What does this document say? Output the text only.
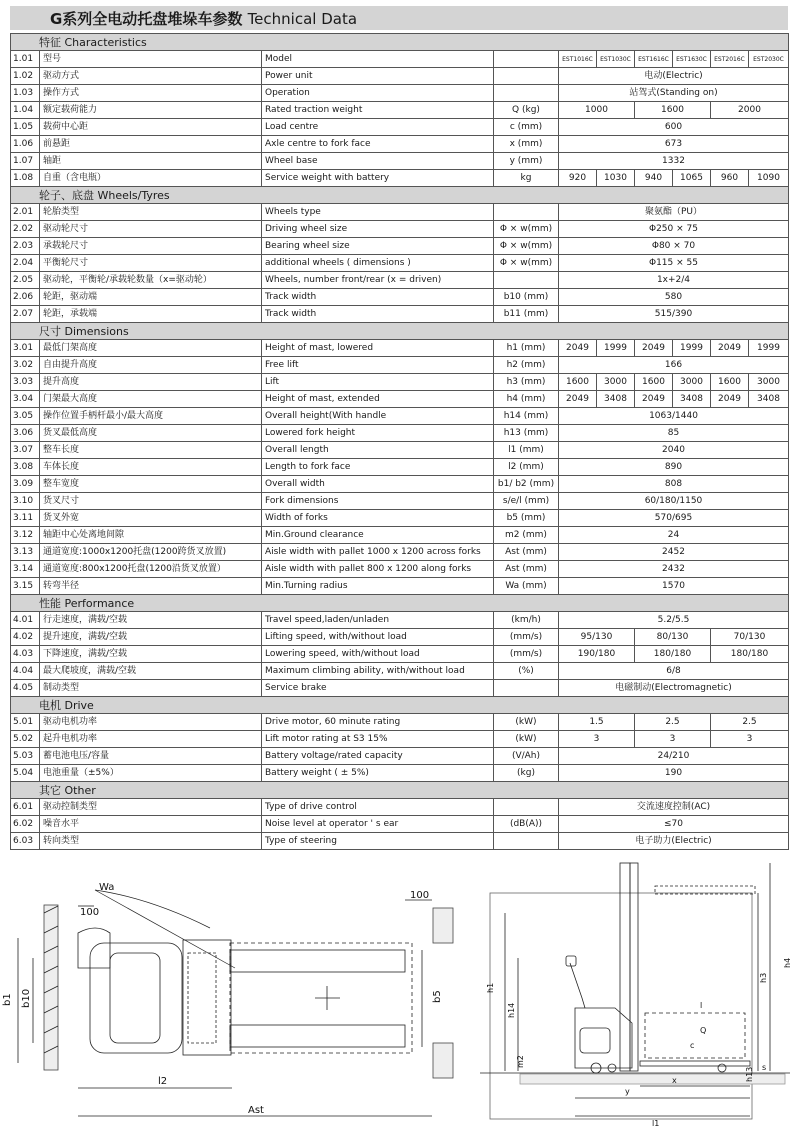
G系列全电动托盘堆垛车参数 Technical Data
特征 Characteristics									
1.01	型号	Model		EST1016C	EST1030C	EST1616C	EST1630C	EST2016C	EST2030C
1.02	驱动方式	Power unit		电动(Electric)					
1.03	操作方式	Operation		站驾式(Standing on)					
1.04	额定载荷能力	Rated traction weight	Q (kg)	1000		1600		2000	
1.05	载荷中心距	Load centre	c (mm)	600					
1.06	前悬距	Axle centre to fork face	x (mm)	673					
1.07	轴距	Wheel base	y (mm)	1332					
1.08	自重（含电瓶）	Service weight with battery	kg	920	1030	940	1065	960	1090
轮子、底盘 Wheels/Tyres									
2.01	轮胎类型	Wheels type		聚氨酯（PU）					
2.02	驱动轮尺寸	Driving wheel size	Φ × w(mm)	Φ250 × 75					
2.03	承载轮尺寸	Bearing wheel size	Φ × w(mm)	Φ80 × 70					
2.04	平衡轮尺寸	additional wheels ( dimensions )	Φ × w(mm)	Φ115 × 55					
2.05	驱动轮，平衡轮/承载轮数量（x=驱动轮）	Wheels, number front/rear (x = driven)		1x+2/4					
2.06	轮距，驱动端	Track width	b10 (mm)	580					
2.07	轮距，承载端	Track width	b11 (mm)	515/390					
尺寸 Dimensions									
3.01	最低门架高度	Height of mast, lowered	h1 (mm)	2049	1999	2049	1999	2049	1999
3.02	自由提升高度	Free lift	h2 (mm)	166					
3.03	提升高度	Lift	h3 (mm)	1600	3000	1600	3000	1600	3000
3.04	门架最大高度	Height of mast, extended	h4 (mm)	2049	3408	2049	3408	2049	3408
3.05	操作位置手柄杆最小/最大高度	Overall height(With handle	h14 (mm)	1063/1440					
3.06	货叉最低高度	Lowered fork height	h13 (mm)	85					
3.07	整车长度	Overall length	l1 (mm)	2040					
3.08	车体长度	Length to fork face	l2 (mm)	890					
3.09	整车宽度	Overall width	b1/ b2 (mm)	808					
3.10	货叉尺寸	Fork dimensions	s/e/l (mm)	60/180/1150					
3.11	货叉外宽	Width of forks	b5 (mm)	570/695					
3.12	轴距中心处离地间隙	Min.Ground clearance	m2 (mm)	24					
3.13	通道宽度:1000x1200托盘(1200跨货叉放置)	Aisle width with pallet 1000 x 1200 across forks	Ast (mm)	2452					
3.14	通道宽度:800x1200托盘(1200沿货叉放置）	Aisle width with pallet 800 x 1200 along forks	Ast (mm)	2432					
3.15	转弯半径	Min.Turning radius	Wa (mm)	1570					
性能 Performance									
4.01	行走速度，满载/空载	Travel speed,laden/unladen	(km/h)	5.2/5.5					
4.02	提升速度，满载/空载	Lifting speed, with/without load	(mm/s)	95/130		80/130		70/130	
4.03	下降速度，满载/空载	Lowering speed, with/without load	(mm/s)	190/180		180/180		180/180	
4.04	最大爬坡度，满载/空载	Maximum climbing ability, with/without load	(%)	6/8					
4.05	制动类型	Service brake		电磁制动(Electromagnetic)					
电机 Drive									
5.01	驱动电机功率	Drive motor, 60 minute rating	(kW)	1.5		2.5		2.5	
5.02	起升电机功率	Lift motor rating at S3 15%	(kW)	3		3		3	
5.03	蓄电池电压/容量	Battery voltage/rated capacity	(V/Ah)	24/210					
5.04	电池重量（±5%）	Battery weight ( ± 5%)	(kg)	190					
其它 Other									
6.01	驱动控制类型	Type of drive control		交流速度控制(AC)					
6.02	噪音水平	Noise level at operator ' s ear	(dB(A))	≤70					
6.03	转向类型	Type of steering		电子助力(Electric)					
Wa
100
100
b1 b10	b5
l2
Ast
h1
h14
h4
h3
Q
c
x
y
l
l1
h13 s
m2
